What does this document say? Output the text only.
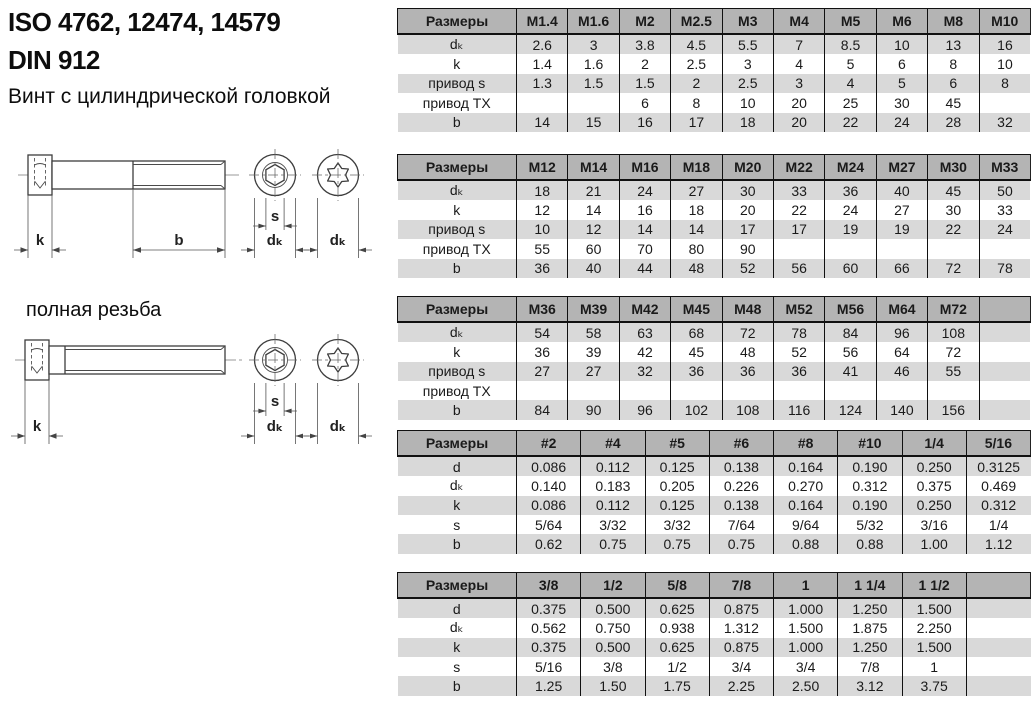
ISO 4762, 12474, 14579
DIN 912
Винт с цилиндрической головкой
k	b
s
dₖ	dₖ
полная резьба
k
s
dₖ	dₖ
Размеры	M1.4	M1.6	M2	M2.5	M3	M4	M5	M6	M8	M10
dₖ	2.6	3	3.8	4.5	5.5	7	8.5	10	13	16
k	1.4	1.6	2	2.5	3	4	5	6	8	10
привод s	1.3	1.5	1.5	2	2.5	3	4	5	6	8
привод TX			6	8	10	20	25	30	45	
b	14	15	16	17	18	20	22	24	28	32
Размеры	M12	M14	M16	M18	M20	M22	M24	M27	M30	M33
dₖ	18	21	24	27	30	33	36	40	45	50
k	12	14	16	18	20	22	24	27	30	33
привод s	10	12	14	14	17	17	19	19	22	24
привод TX	55	60	70	80	90					
b	36	40	44	48	52	56	60	66	72	78
Размеры	M36	M39	M42	M45	M48	M52	M56	M64	M72	
dₖ	54	58	63	68	72	78	84	96	108	
k	36	39	42	45	48	52	56	64	72	
привод s	27	27	32	36	36	36	41	46	55	
привод TX										
b	84	90	96	102	108	116	124	140	156	
Размеры	#2	#4	#5	#6	#8	#10	1/4	5/16
d	0.086	0.112	0.125	0.138	0.164	0.190	0.250	0.3125
dₖ	0.140	0.183	0.205	0.226	0.270	0.312	0.375	0.469
k	0.086	0.112	0.125	0.138	0.164	0.190	0.250	0.312
s	5/64	3/32	3/32	7/64	9/64	5/32	3/16	1/4
b	0.62	0.75	0.75	0.75	0.88	0.88	1.00	1.12
Размеры	3/8	1/2	5/8	7/8	1	1 1/4	1 1/2	
d	0.375	0.500	0.625	0.875	1.000	1.250	1.500	
dₖ	0.562	0.750	0.938	1.312	1.500	1.875	2.250	
k	0.375	0.500	0.625	0.875	1.000	1.250	1.500	
s	5/16	3/8	1/2	3/4	3/4	7/8	1	
b	1.25	1.50	1.75	2.25	2.50	3.12	3.75	
